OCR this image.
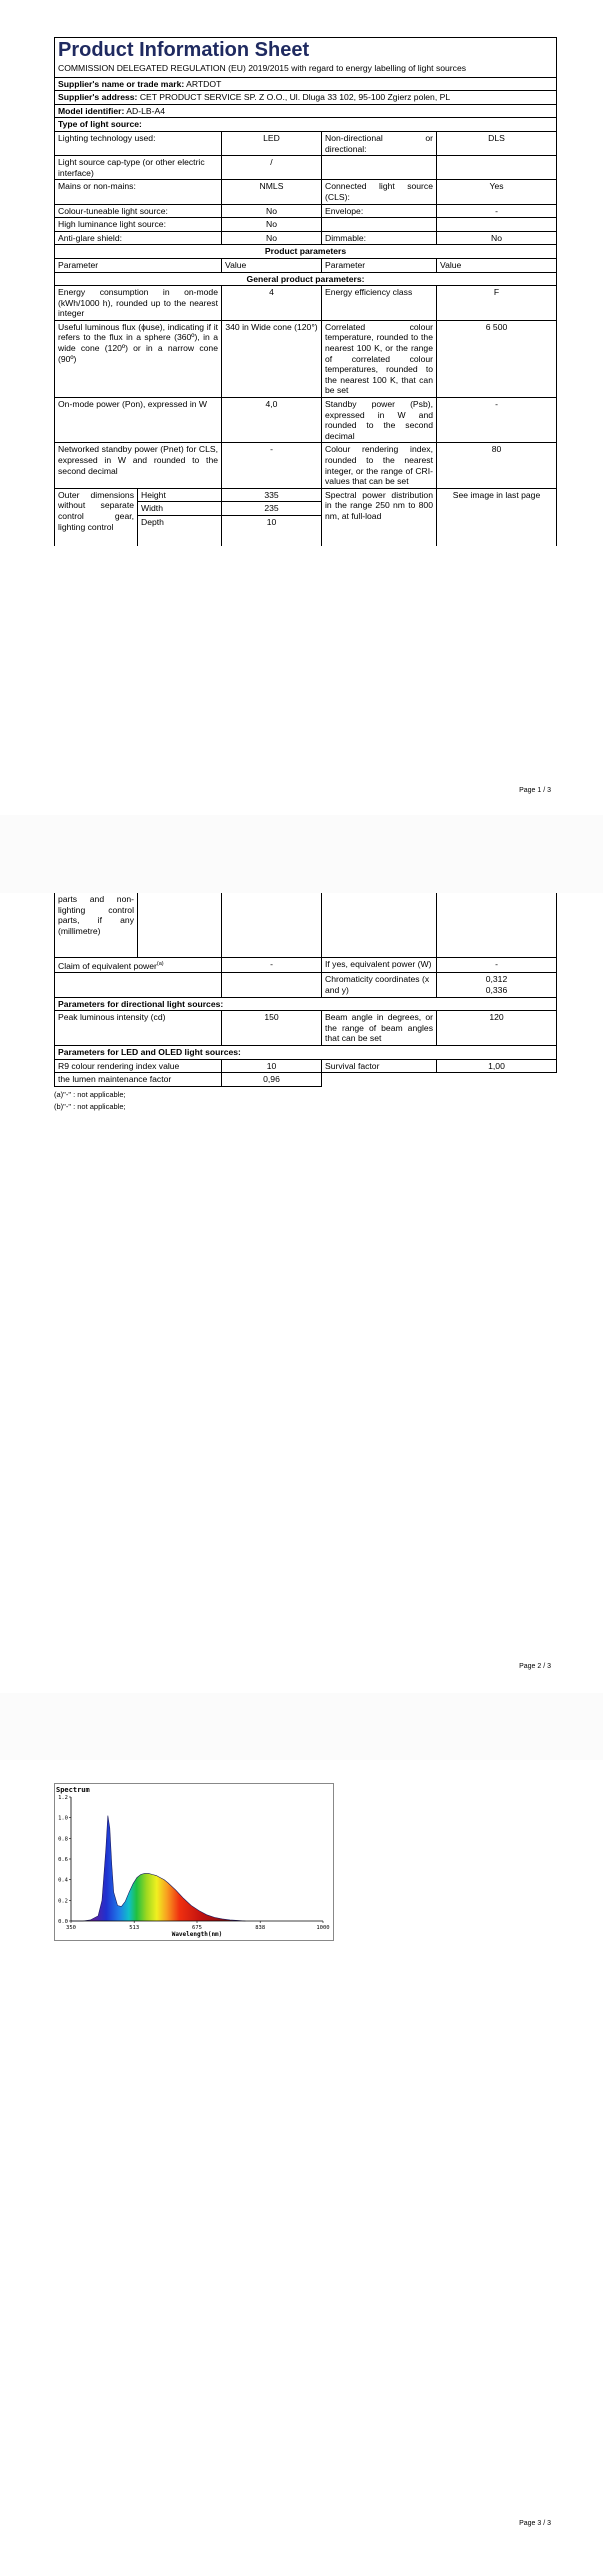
Product Information Sheet
COMMISSION DELEGATED REGULATION (EU) 2019/2015 with regard to energy labelling of light sources				

Supplier's name or trade mark: ARTDOT				
Supplier's address: CET PRODUCT SERVICE SP. Z O.O., Ul. Dluga 33 102, 95-100 Zgierz polen, PL				
Model identifier: AD-LB-A4				
Type of light source:				
Lighting technology used:		LED	Non-directional or directional:	DLS
Light source cap-type (or other electric interface)		/		
Mains or non-mains:		NMLS	Connected light source (CLS):	Yes
Colour-tuneable light source:		No	Envelope:	-
High luminance light source:		No		
Anti-glare shield:		No	Dimmable:	No
Product parameters				
Parameter		Value	Parameter	Value
General product parameters:				
Energy consumption in on-mode (kWh/1000 h), rounded up to the nearest integer		4	Energy efficiency class	F
Useful luminous flux (ϕuse), indicating if it refers to the flux in a sphere (360º), in a wide cone (120º) or in a narrow cone (90º)		340 in Wide cone (120°)	Correlated colour temperature, rounded to the nearest 100 K, or the range of correlated colour temperatures, rounded to the nearest 100 K, that can be set	6 500
On-mode power (Pon), expressed in W		4,0	Standby power (Psb), expressed in W and rounded to the second decimal	-
Networked standby power (Pnet) for CLS, expressed in W and rounded to the second decimal		-	Colour rendering index, rounded to the nearest integer, or the range of CRI-values that can be set	80
Outer dimensions without separate control gear, lighting control	Height	335	Spectral power distribution in the range 250 nm to 800 nm, at full-load	See image in last page
	Width	235		
	Depth	10		
Page 1 / 3
parts and non-lighting control parts, if any (millimetre)				
Claim of equivalent power$^{(a)}$		-	If yes, equivalent power (W)	-
			Chromaticity coordinates (x and y)	0,312
0,336

Parameters for directional light sources:				
Peak luminous intensity (cd)		150	Beam angle in degrees, or the range of beam angles that can be set	120
Parameters for LED and OLED light sources:				
R9 colour rendering index value		10	Survival factor	1,00
the lumen maintenance factor		0,96		
(a)"-" : not applicable;
(b)"-" : not applicable;
Page 2 / 3
Page 3 / 3
Spectrum
350	513	675	838	1000
0.0
0.2
0.4
0.6
0.8
1.0
1.2
Wavelength(nm)
